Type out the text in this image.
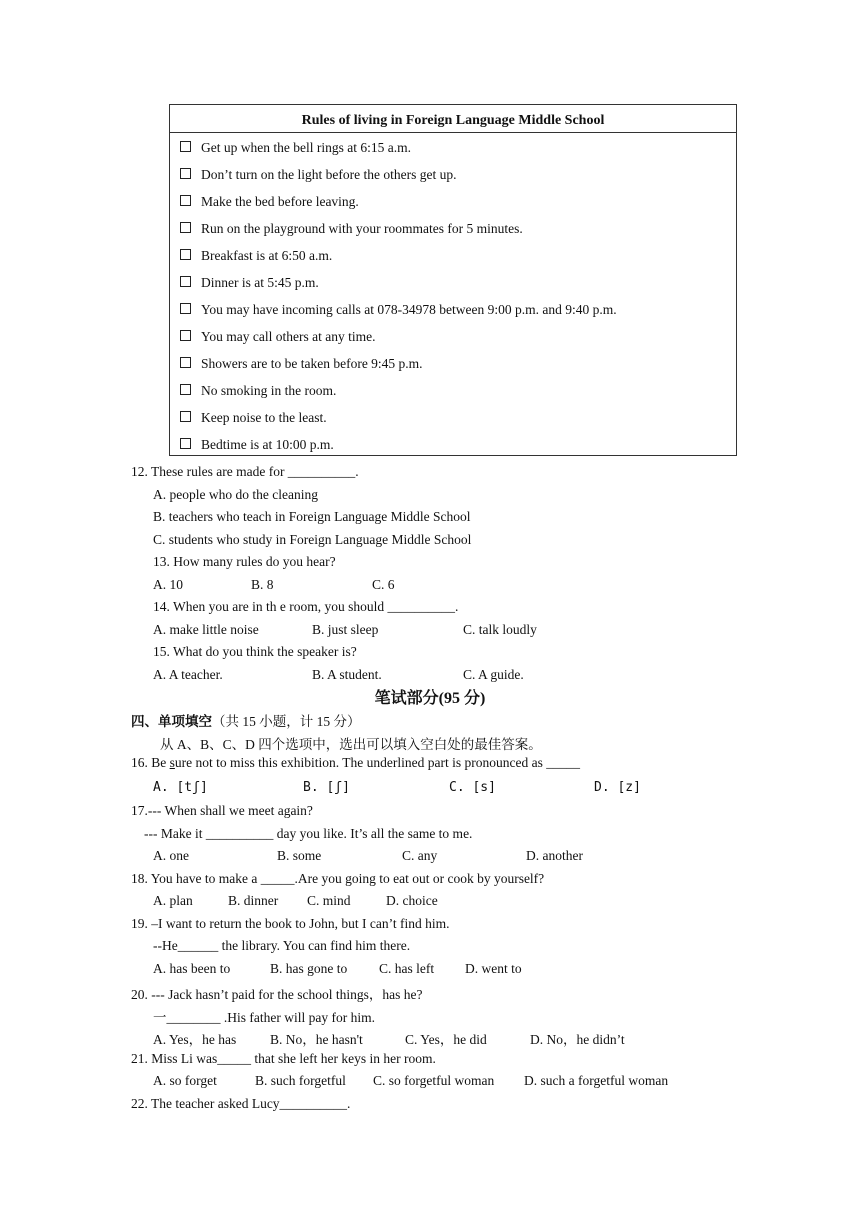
Rules of living in Foreign Language Middle School
Get up when the bell rings at 6:15 a.m.
Don’t turn on the light before the others get up.
Make the bed before leaving.
Run on the playground with your roommates for 5 minutes.
Breakfast is at 6:50 a.m.
Dinner is at 5:45 p.m.
You may have incoming calls at 078-34978 between 9:00 p.m. and 9:40 p.m.
You may call others at any time.
Showers are to be taken before 9:45 p.m.
No smoking in the room.
Keep noise to the least.
Bedtime is at 10:00 p.m.
12. These rules are made for __________.
A. people who do the cleaning
B. teachers who teach in Foreign Language Middle School
C. students who study in Foreign Language Middle School
13. How many rules do you hear?
A. 10	B. 8	C. 6
14. When you are in th e room, you should __________.
A. make little noise	B. just sleep	C. talk loudly
15. What do you think the speaker is?
A. A teacher.	B. A student.	C. A guide.
笔试部分(95 分)
四、单项填空（共 15 小题，计 15 分）
从 A、B、C、D 四个选项中，选出可以填入空白处的最佳答案。
16. Be sure not to miss this exhibition. The underlined part is pronounced as _____
A. [tʃ]	B. [ʃ]	C. [s]	D. [z]
17.--- When shall we meet again?
--- Make it __________ day you like. It’s all the same to me.
A. one	B. some	C. any	D. another
18. You have to make a _____.Are you going to eat out or cook by yourself?
A. plan	B. dinner C. mind	D. choice
19. –I want to return the book to John, but I can’t find him.
--He______ the library. You can find him there.
A. has been to	B. has gone to C. has left D. went to
20. --- Jack hasn’t paid for the school things，has he?
一________ .His father will pay for him.
A. Yes，he has B. No，he hasn't	C. Yes，he did	D. No，he didn’t
21. Miss Li was_____ that she left her keys in her room.
A. so forget	B. such forgetful C. so forgetful woman D. such a forgetful woman
22. The teacher asked Lucy__________.
